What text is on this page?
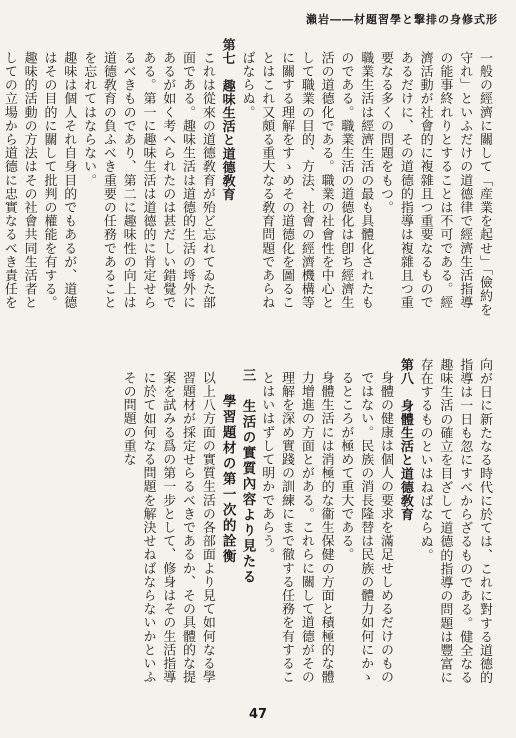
形式修身の排撃と學習題材――岩瀨

一般の經濟に關して「産業を起せ」「儉約を守れ」といふだけの道德律で經濟生活指導の能事終れりとすることは不可である。經濟活動が社會的に複雜且つ重要なるものであるだけに、その道德的指導は複雜且つ重要なる多くの問題をもつ。

職業生活は經濟生活の最も具體化されたものである。職業生活の道德化は卽ち經濟生活の道德化である。職業の社會性を中心として職業の目的、方法、社會の經濟機構等に關する理解をすゝめその道德化を圖ることはこれ又頗る重大なる敎育問題であらねばならぬ。

第七　趣味生活と道德敎育

これは從來の道德敎育が殆ど忘れてゐた部面である。趣味生活は道德的生活の埓外にあるが如く考へられたのは甚だしい錯覺である。第一に趣味生活は道德的に肯定せらるべきものであり、第二に趣味性の向上は道德敎育の負ふべき重要の任務であることを忘れてはならない。

趣味は個人それ自身目的でもあるが、道德はその目的に關して批判の權能を有する。趣味的活動の方法はその社會共同生活者としての立場から道德に忠實なるべき責任を

向が日に新たなる時代に於ては、これに對する道德的指導は一日も忽にすべからざるものである。健全なる趣味生活の確立を目ざして道德的指導の問題は豐富に存在するものといはねばならぬ。

第八　身體生活と道德敎育

身體の健康は個人の要求を滿足せしめるだけのものではない。民族の消長隆替は民族の體力如何にかゝるところが極めて重大である。

身體生活には消極的な衞生保健の方面と積極的な體力增進の方面とがある。これらに關して道德がその理解を深め實踐の訓練にまで徹する任務を有することはいはずして明かであらう。

三　生活の實質內容より見たる

學習題材の第一次的詮衡

以上八方面の實質生活の各部面より見て如何なる學習題材が採定せらるべきであるか、その具體的な提案を試みる爲の第一步として、修身はその生活指導に於て如何なる問題を解決せねばならないかといふその問題の重な

47
